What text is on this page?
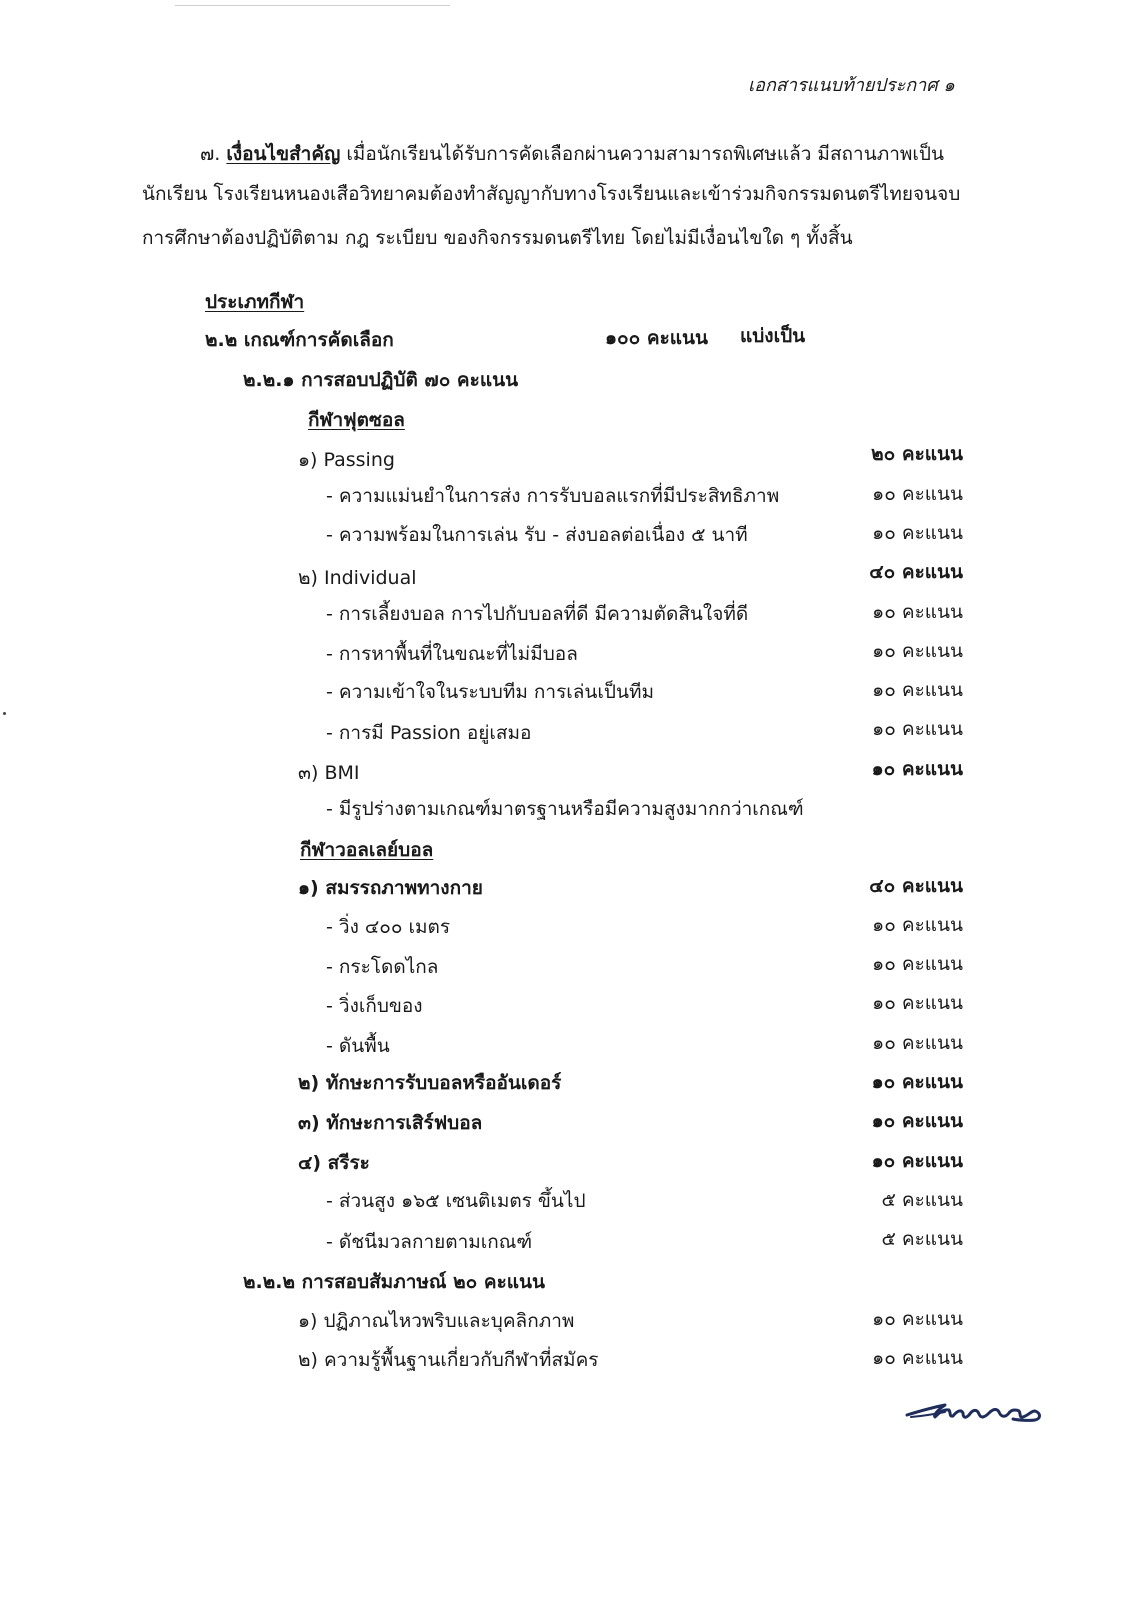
เอกสารแนบท้ายประกาศ ๑
๗. เงื่อนไขสำคัญ เมื่อนักเรียนได้รับการคัดเลือกผ่านความสามารถพิเศษแล้ว มีสถานภาพเป็น
นักเรียน โรงเรียนหนองเสือวิทยาคมต้องทำสัญญากับทางโรงเรียนและเข้าร่วมกิจกรรมดนตรีไทยจนจบ
การศึกษาต้องปฏิบัติตาม กฎ ระเบียบ ของกิจกรรมดนตรีไทย โดยไม่มีเงื่อนไขใด ๆ ทั้งสิ้น
ประเภทกีฬา
๒.๒ เกณฑ์การคัดเลือก	๑๐๐ คะแนน แบ่งเป็น
๒.๒.๑ การสอบปฏิบัติ ๗๐ คะแนน
กีฬาฟุตซอล
๑) Passing	๒๐ คะแนน
- ความแม่นยำในการส่ง การรับบอลแรกที่มีประสิทธิภาพ	๑๐ คะแนน
- ความพร้อมในการเล่น รับ - ส่งบอลต่อเนื่อง ๕ นาที	๑๐ คะแนน
๒) Individual	๔๐ คะแนน
- การเลี้ยงบอล การไปกับบอลที่ดี มีความตัดสินใจที่ดี	๑๐ คะแนน
- การหาพื้นที่ในขณะที่ไม่มีบอล	๑๐ คะแนน
- ความเข้าใจในระบบทีม การเล่นเป็นทีม	๑๐ คะแนน
- การมี Passion อยู่เสมอ	๑๐ คะแนน
๓) BMI	๑๐ คะแนน
- มีรูปร่างตามเกณฑ์มาตรฐานหรือมีความสูงมากกว่าเกณฑ์
กีฬาวอลเลย์บอล
๑) สมรรถภาพทางกาย	๔๐ คะแนน
- วิ่ง ๔๐๐ เมตร	๑๐ คะแนน
- กระโดดไกล	๑๐ คะแนน
- วิ่งเก็บของ	๑๐ คะแนน
- ดันพื้น	๑๐ คะแนน
๒) ทักษะการรับบอลหรืออันเดอร์	๑๐ คะแนน
๓) ทักษะการเสิร์ฟบอล	๑๐ คะแนน
๔) สรีระ	๑๐ คะแนน
- ส่วนสูง ๑๖๕ เซนติเมตร ขึ้นไป	๕ คะแนน
- ดัชนีมวลกายตามเกณฑ์	๕ คะแนน
๒.๒.๒ การสอบสัมภาษณ์ ๒๐ คะแนน
๑) ปฏิภาณไหวพริบและบุคลิกภาพ	๑๐ คะแนน
๒) ความรู้พื้นฐานเกี่ยวกับกีฬาที่สมัคร	๑๐ คะแนน
